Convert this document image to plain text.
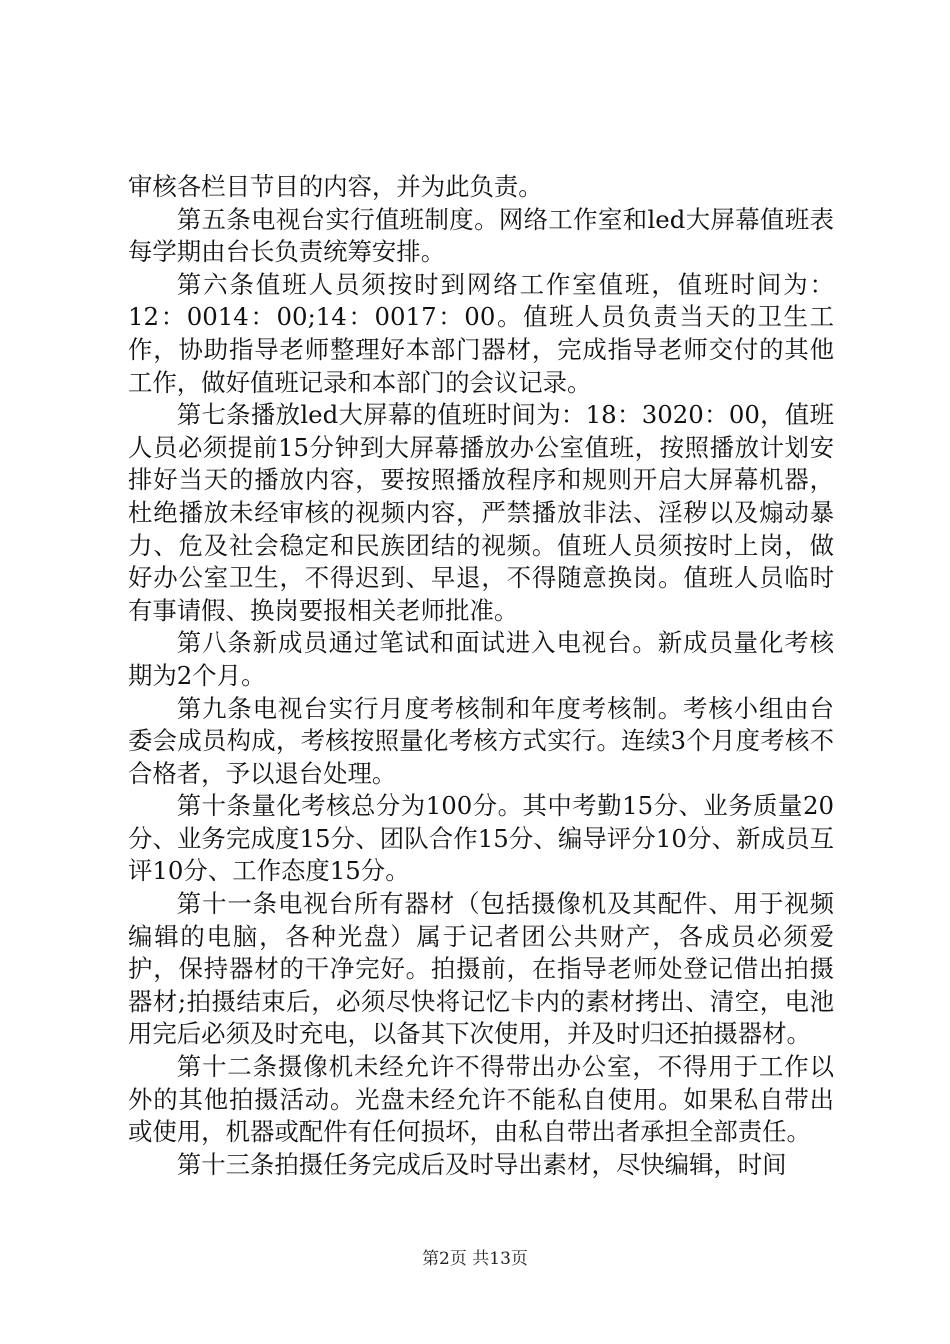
审核各栏目节目的内容，并为此负责。

第五条电视台实行值班制度。网络工作室和led大屏幕值班表每学期由台长负责统筹安排。

第六条值班人员须按时到网络工作室值班，值班时间为：12：0014：00;14：0017：00。值班人员负责当天的卫生工作，协助指导老师整理好本部门器材，完成指导老师交付的其他工作，做好值班记录和本部门的会议记录。

第七条播放led大屏幕的值班时间为：18：3020：00，值班人员必须提前15分钟到大屏幕播放办公室值班，按照播放计划安排好当天的播放内容，要按照播放程序和规则开启大屏幕机器，杜绝播放未经审核的视频内容，严禁播放非法、淫秽以及煽动暴力、危及社会稳定和民族团结的视频。值班人员须按时上岗，做好办公室卫生，不得迟到、早退，不得随意换岗。值班人员临时有事请假、换岗要报相关老师批准。

第八条新成员通过笔试和面试进入电视台。新成员量化考核期为2个月。

第九条电视台实行月度考核制和年度考核制。考核小组由台委会成员构成，考核按照量化考核方式实行。连续3个月度考核不合格者，予以退台处理。

第十条量化考核总分为100分。其中考勤15分、业务质量20分、业务完成度15分、团队合作15分、编导评分10分、新成员互评10分、工作态度15分。

第十一条电视台所有器材（包括摄像机及其配件、用于视频编辑的电脑，各种光盘）属于记者团公共财产，各成员必须爱护，保持器材的干净完好。拍摄前，在指导老师处登记借出拍摄器材;拍摄结束后，必须尽快将记忆卡内的素材拷出、清空，电池用完后必须及时充电，以备其下次使用，并及时归还拍摄器材。

第十二条摄像机未经允许不得带出办公室，不得用于工作以外的其他拍摄活动。光盘未经允许不能私自使用。如果私自带出或使用，机器或配件有任何损坏，由私自带出者承担全部责任。

第十三条拍摄任务完成后及时导出素材，尽快编辑，时间

第2页 共13页
